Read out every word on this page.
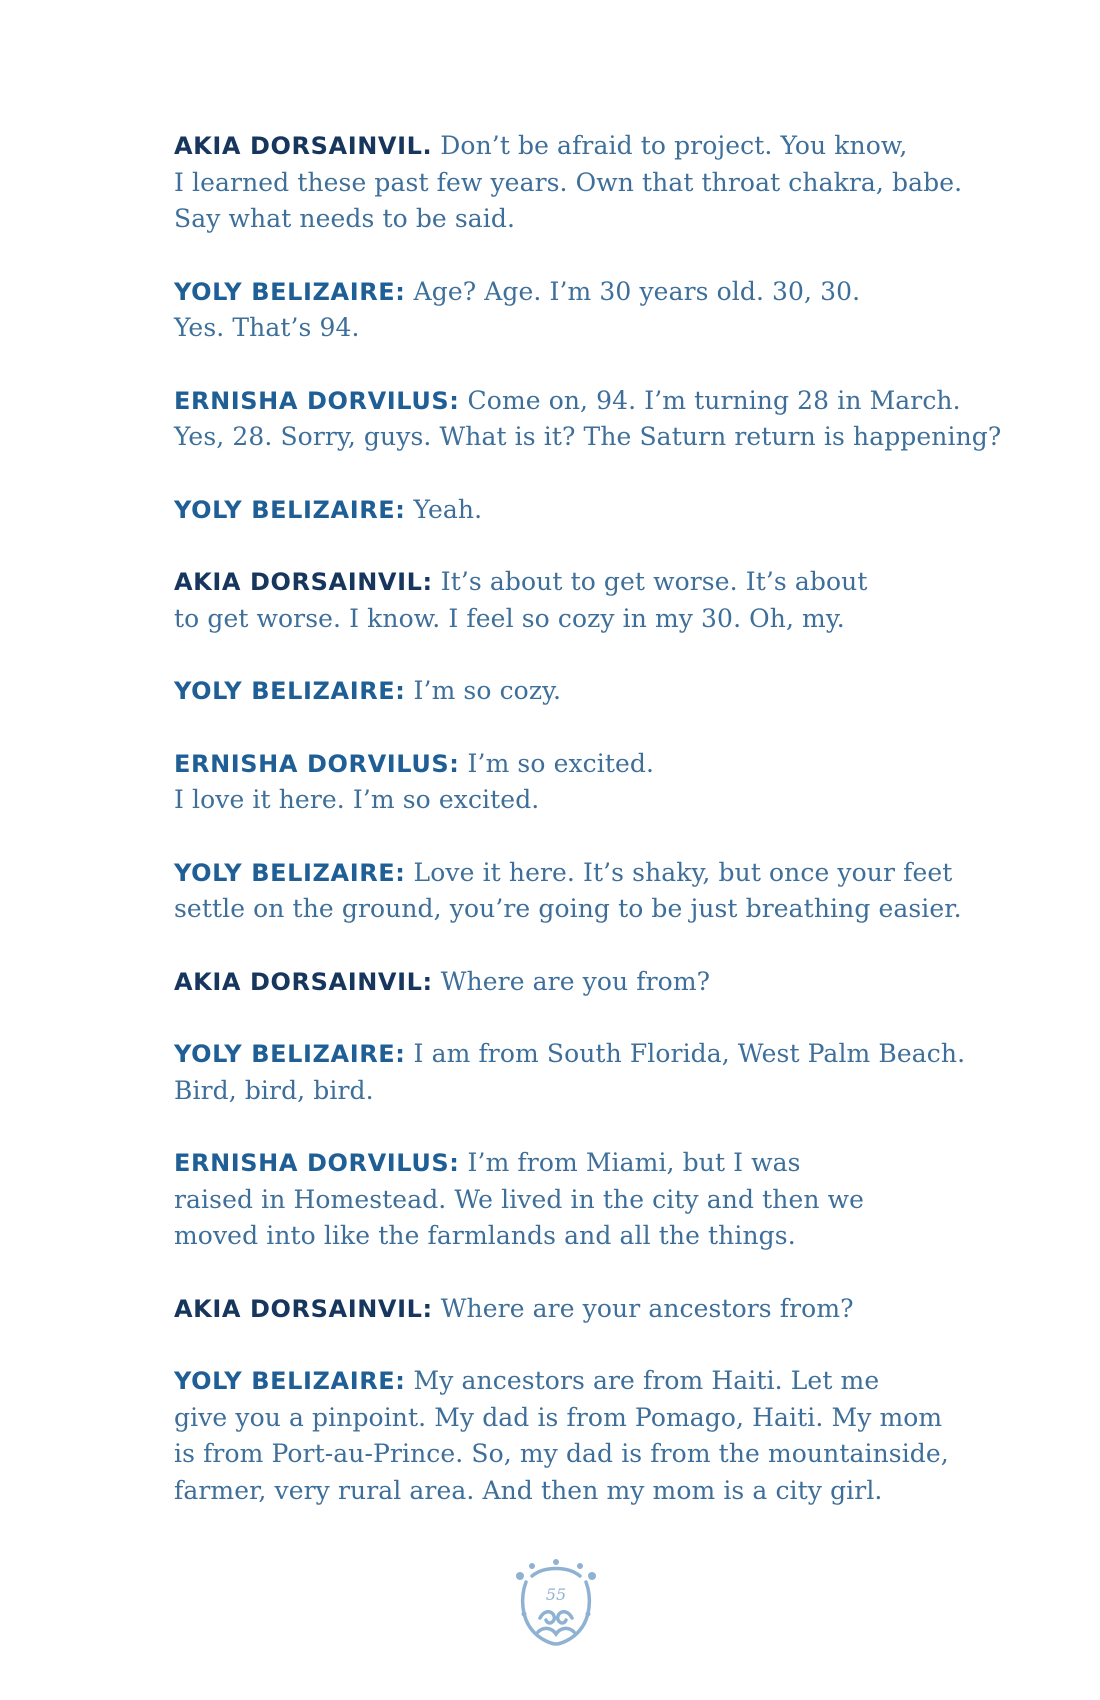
AKIA DORSAINVIL. Don’t be afraid to project. You know,
I learned these past few years. Own that throat chakra, babe.
Say what needs to be said.
YOLY BELIZAIRE: Age? Age. I’m 30 years old. 30, 30.
Yes. That’s 94.
ERNISHA DORVILUS: Come on, 94. I’m turning 28 in March.
Yes, 28. Sorry, guys. What is it? The Saturn return is happening?
YOLY BELIZAIRE: Yeah.
AKIA DORSAINVIL: It’s about to get worse. It’s about
to get worse. I know. I feel so cozy in my 30. Oh, my.
YOLY BELIZAIRE: I’m so cozy.
ERNISHA DORVILUS: I’m so excited.
I love it here. I’m so excited.
YOLY BELIZAIRE: Love it here. It’s shaky, but once your feet
settle on the ground, you’re going to be just breathing easier.
AKIA DORSAINVIL: Where are you from?
YOLY BELIZAIRE: I am from South Florida, West Palm Beach.
Bird, bird, bird.
ERNISHA DORVILUS: I’m from Miami, but I was
raised in Homestead. We lived in the city and then we
moved into like the farmlands and all the things.
AKIA DORSAINVIL: Where are your ancestors from?
YOLY BELIZAIRE: My ancestors are from Haiti. Let me
give you a pinpoint. My dad is from Pomago, Haiti. My mom
is from Port-au-Prince. So, my dad is from the mountainside,
farmer, very rural area. And then my mom is a city girl.
55
